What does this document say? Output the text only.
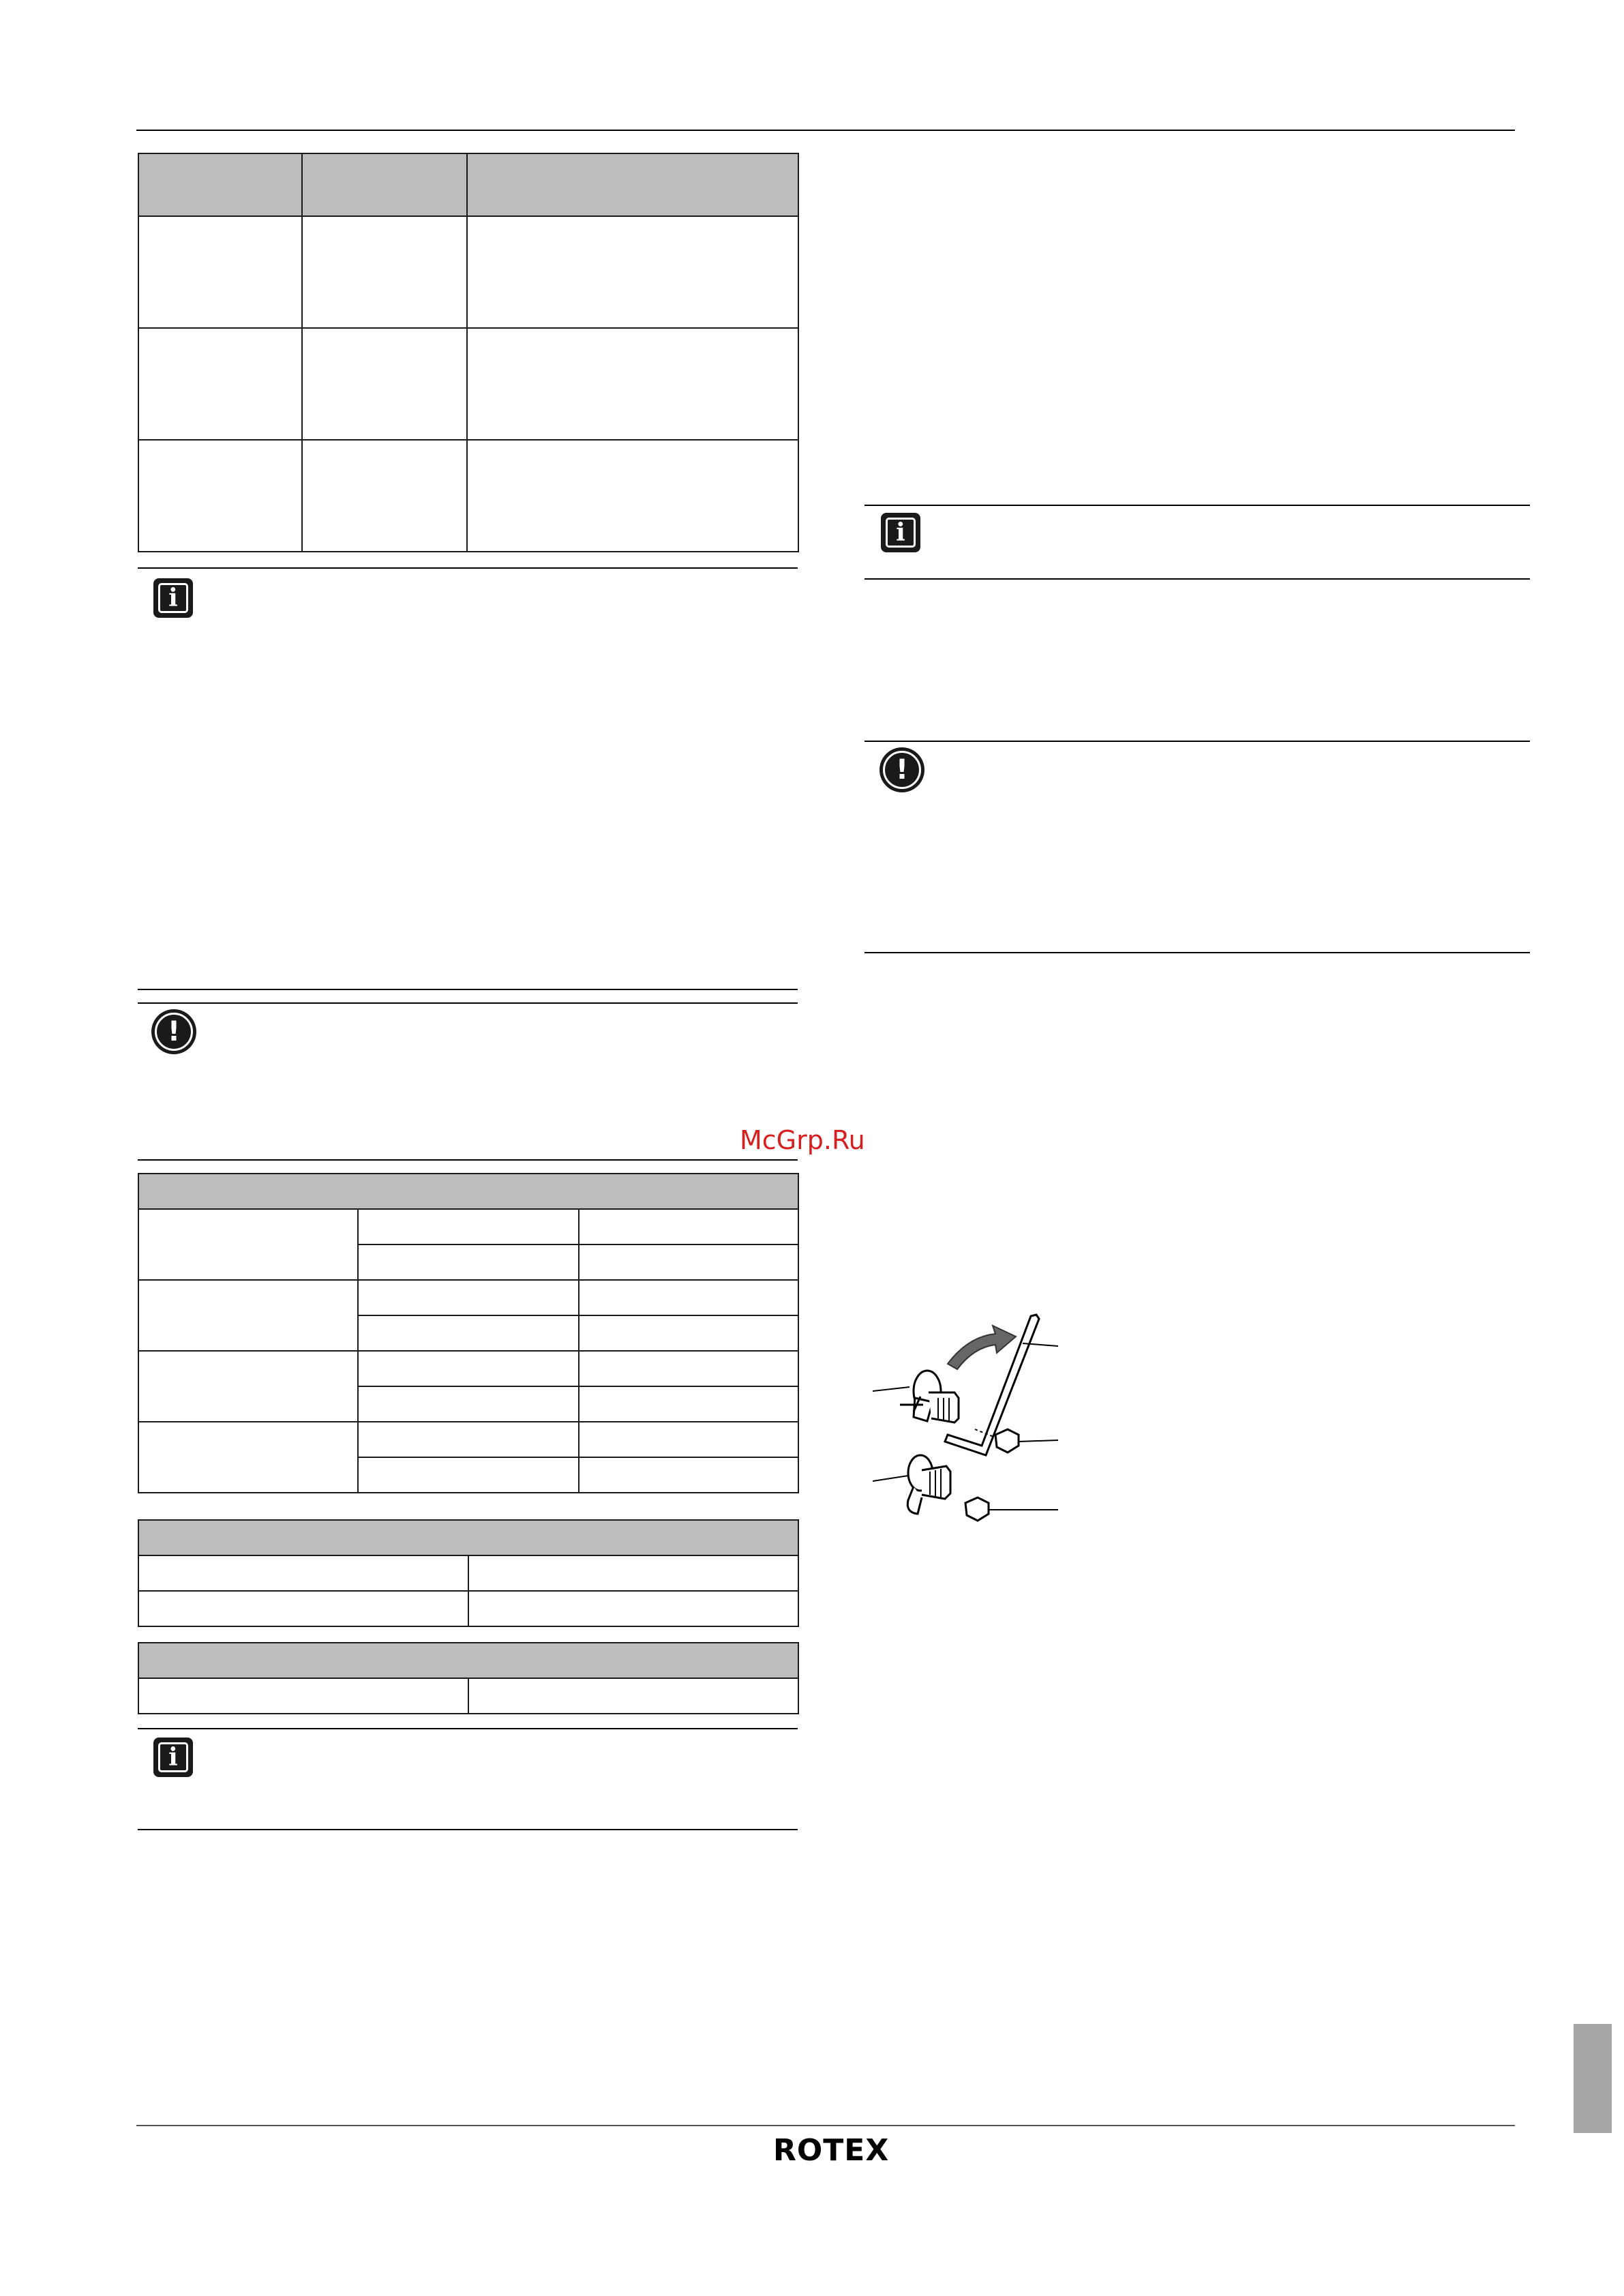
i
!
McGrp.Ru

i
i
!
ROTEX
